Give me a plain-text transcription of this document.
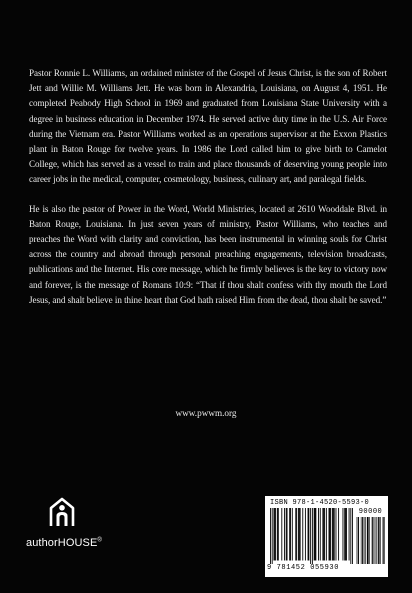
Pastor Ronnie L. Williams, an ordained minister of the Gospel of Jesus Christ, is the son of Robert Jett and Willie M. Williams Jett. He was born in Alexandria, Louisiana, on August 4, 1951. He completed Peabody High School in 1969 and graduated from Louisiana State University with a degree in business education in December 1974. He served active duty time in the U.S. Air Force during the Vietnam era. Pastor Williams worked as an operations supervisor at the Exxon Plastics plant in Baton Rouge for twelve years. In 1986 the Lord called him to give birth to Camelot College, which has served as a vessel to train and place thousands of deserving young people into career jobs in the medical, computer, cosmetology, business, culinary art, and paralegal fields.

He is also the pastor of Power in the Word, World Ministries, located at 2610 Wooddale Blvd. in Baton Rouge, Louisiana. In just seven years of ministry, Pastor Williams, who teaches and preaches the Word with clarity and conviction, has been instrumental in winning souls for Christ across the country and abroad through personal preaching engagements, television broadcasts, publications and the Internet. His core message, which he firmly believes is the key to victory now and forever, is the message of Romans 10:9: “That if thou shalt confess with thy mouth the Lord Jesus, and shalt believe in thine heart that God hath raised Him from the dead, thou shalt be saved.”

www.pwwm.org
authorHOUSE®
ISBN 978-1-4520-5593-0
90000
9 781452 055930
